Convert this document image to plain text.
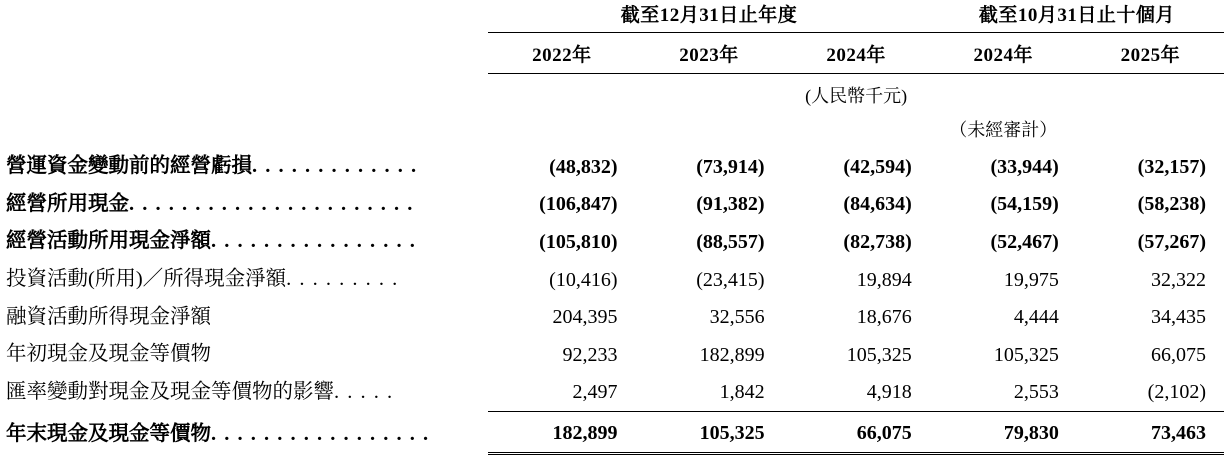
	截至12月31日止年度			截至10月31日止十個月	

	2022年	2023年	2024年	2024年	2025年

			(人民幣千元)		
				（未經審計）	
營運資金變動前的經營虧損. . . . . . . . . . . . .	(48,832)	(73,914)	(42,594)	(33,944)	(32,157)
經營所用現金. . . . . . . . . . . . . . . . . . . . . .	(106,847)	(91,382)	(84,634)	(54,159)	(58,238)
經營活動所用現金淨額. . . . . . . . . . . . . . . .	(105,810)	(88,557)	(82,738)	(52,467)	(57,267)
投資活動(所用)／所得現金淨額. . . . . . . . .	(10,416)	(23,415)	19,894	19,975	32,322
融資活動所得現金淨額	204,395	32,556	18,676	4,444	34,435
年初現金及現金等價物	92,233	182,899	105,325	105,325	66,075
匯率變動對現金及現金等價物的影響. . . . .	2,497	1,842	4,918	2,553	(2,102)
年末現金及現金等價物. . . . . . . . . . . . . . . . .	182,899	105,325	66,075	79,830	73,463
